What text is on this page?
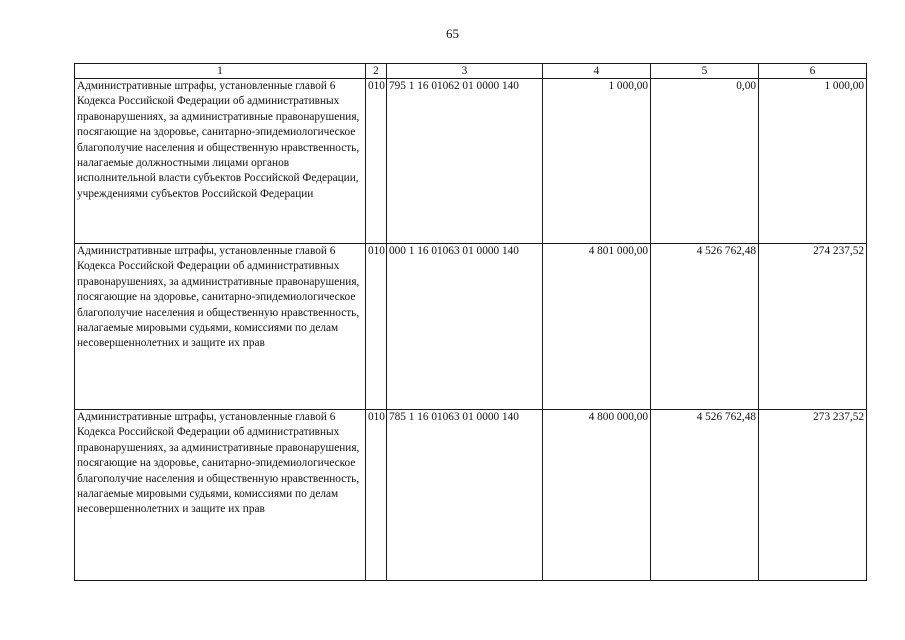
65
1	2	3	4	5	6
Административные штрафы, установленные главой 6 Кодекса Российской Федерации об административных правонарушениях, за административные правонарушения, посягающие на здоровье, санитарно-эпидемиологическое благополучие населения и общественную нравственность, налагаемые должностными лицами органов исполнительной власти субъектов Российской Федерации, учреждениями субъектов Российской Федерации	010	795 1 16 01062 01 0000 140	1 000,00	0,00	1 000,00
Административные штрафы, установленные главой 6 Кодекса Российской Федерации об административных правонарушениях, за административные правонарушения, посягающие на здоровье, санитарно-эпидемиологическое благополучие населения и общественную нравственность, налагаемые мировыми судьями, комиссиями по делам несовершеннолетних и защите их прав	010	000 1 16 01063 01 0000 140	4 801 000,00	4 526 762,48	274 237,52
Административные штрафы, установленные главой 6 Кодекса Российской Федерации об административных правонарушениях, за административные правонарушения, посягающие на здоровье, санитарно-эпидемиологическое благополучие населения и общественную нравственность, налагаемые мировыми судьями, комиссиями по делам несовершеннолетних и защите их прав	010	785 1 16 01063 01 0000 140	4 800 000,00	4 526 762,48	273 237,52
